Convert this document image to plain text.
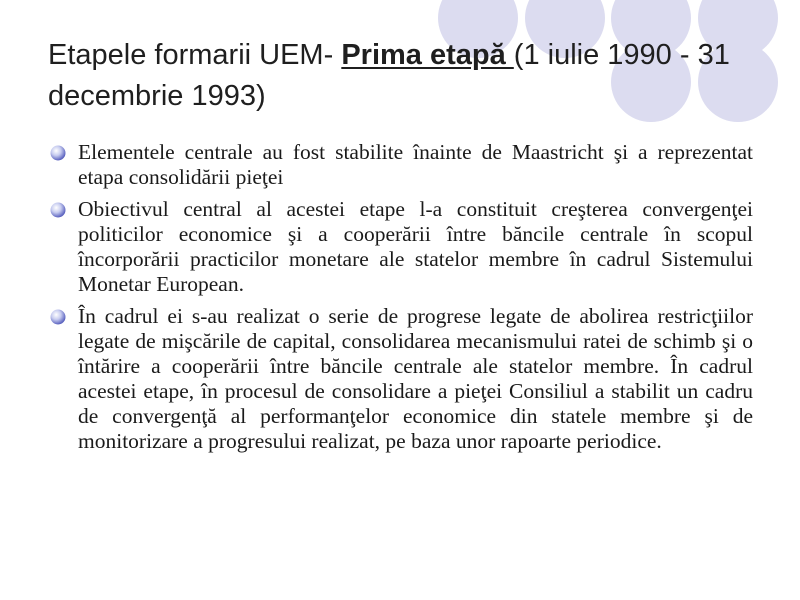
Etapele formarii UEM- Prima etapă (1 iulie 1990 - 31 decembrie 1993)
Elementele centrale au fost stabilite înainte de Maastricht şi a reprezentat etapa consolidării pieţei
Obiectivul central al acestei etape l-a constituit creşterea convergenţei politicilor economice şi a cooperării între băncile centrale în scopul încorporării practicilor monetare ale statelor membre în cadrul Sistemului Monetar European.
În cadrul ei s-au realizat o serie de progrese legate de abolirea restricţiilor legate de mişcările de capital, consolidarea mecanismului ratei de schimb şi o întărire a cooperării între băncile centrale ale statelor membre. În cadrul acestei etape, în procesul de consolidare a pieţei Consiliul a stabilit un cadru de convergenţă al performanţelor economice din statele membre şi de monitorizare a progresului realizat, pe baza unor rapoarte periodice.
